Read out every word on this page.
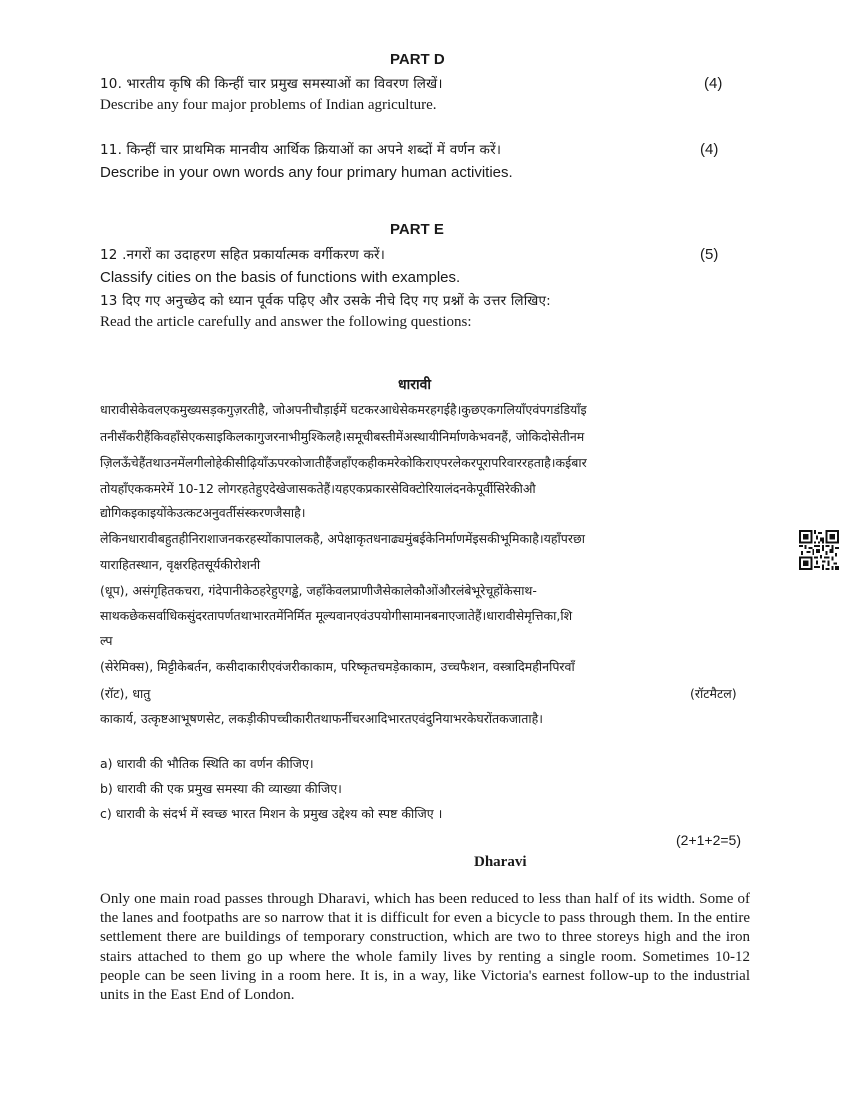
PART D
10. भारतीय कृषि की किन्हीं चार प्रमुख समस्याओं का विवरण लिखें।	(4)
Describe any four major problems of Indian agriculture.
11. किन्हीं चार प्राथमिक मानवीय आर्थिक क्रियाओं का अपने शब्दों में वर्णन करें।	(4)
Describe in your own words any four primary human activities.
PART E
12 .नगरों का उदाहरण सहित प्रकार्यात्मक वर्गीकरण करें।	(5)
Classify cities on the basis of functions with examples.
13 दिए गए अनुच्छेद को ध्यान पूर्वक पढ़िए और उसके नीचे दिए गए प्रश्नों के उत्तर लिखिए:
Read the article carefully and answer the following questions:
धारावी
धारावीसेकेवलएकमुख्यसड़कगुज़रतीहै, जोअपनीचौड़ाईमें घटकरआधेसेकमरहगईहै।कुछएकगलियाँएवंपगडंडियाँइ
तनीसँकरीहैंकिवहाँसेएकसाइकिलकागुजरनाभीमुश्किलहै।समूचीबस्तीमेंअस्थायीनिर्माणकेभवनहैं, जोकिदोसेतीनम
ज़िलऊँचेहैंतथाउनमेंलगीलोहेकीसीढ़ियाँऊपरकोजातीहैंजहाँएकहीकमरेकोकिराएपरलेकरपूरापरिवाररहताहै।कईबार
तोयहाँएककमरेमें 10-12 लोगरहतेहुएदेखेजासकतेहैं।यहएकप्रकारसेविक्टोरियालंदनकेपूर्वीसिरेकीऔ
द्योगिकइकाइयोंकेउत्कटअनुवर्तीसंस्करणजैसाहै।
लेकिनधारावीबहुतहीनिराशाजनकरहस्योंकापालकहै, अपेक्षाकृतधनाढ्यमुंबईकेनिर्माणमेंइसकीभूमिकाहै।यहाँपरछा
याराहितस्थान, वृक्षरहितसूर्यकीरोशनी
(धूप), असंगृहितकचरा, गंदेपानीकेठहरेहुएगड्ढे, जहाँकेवलप्राणीजैसेकालेकौओंऔरलंबेभूरेचूहोंकेसाथ-
साथकछेकसर्वाधिकसुंदरतापर्णतथाभारतमेंनिर्मित मूल्यवानएवंउपयोगीसामानबनाएजातेहैं।धारावीसेमृत्तिका,शि
ल्प
(सेरेमिक्स), मिट्टीकेबर्तन, कसीदाकारीएवंजरीकाकाम, परिष्कृतचमड़ेकाकाम, उच्चफैशन, वस्त्रादिमहीनपिरवाँ
(रॉट), धातु	(रॉटमैटल)
काकार्य, उत्कृष्टआभूषणसेट, लकड़ीकीपच्चीकारीतथाफर्नीचरआदिभारतएवंदुनियाभरकेघरोंतकजाताहै।
a) धारावी की भौतिक स्थिति का वर्णन कीजिए।
b) धारावी की एक प्रमुख समस्या की व्याख्या कीजिए।
c) धारावी के संदर्भ में स्वच्छ भारत मिशन के प्रमुख उद्देश्य को स्पष्ट कीजिए ।
(2+1+2=5)
Dharavi

Only one main road passes through Dharavi, which has been reduced to less than half of its width. Some of the lanes and footpaths are so narrow that it is difficult for even a bicycle to pass through them. In the entire settlement there are buildings of temporary construction, which are two to three storeys high and the iron stairs attached to them go up where the whole family lives by renting a single room. Sometimes 10-12 people can be seen living in a room here. It is, in a way, like Victoria's earnest follow-up to the industrial units in the East End of London.
